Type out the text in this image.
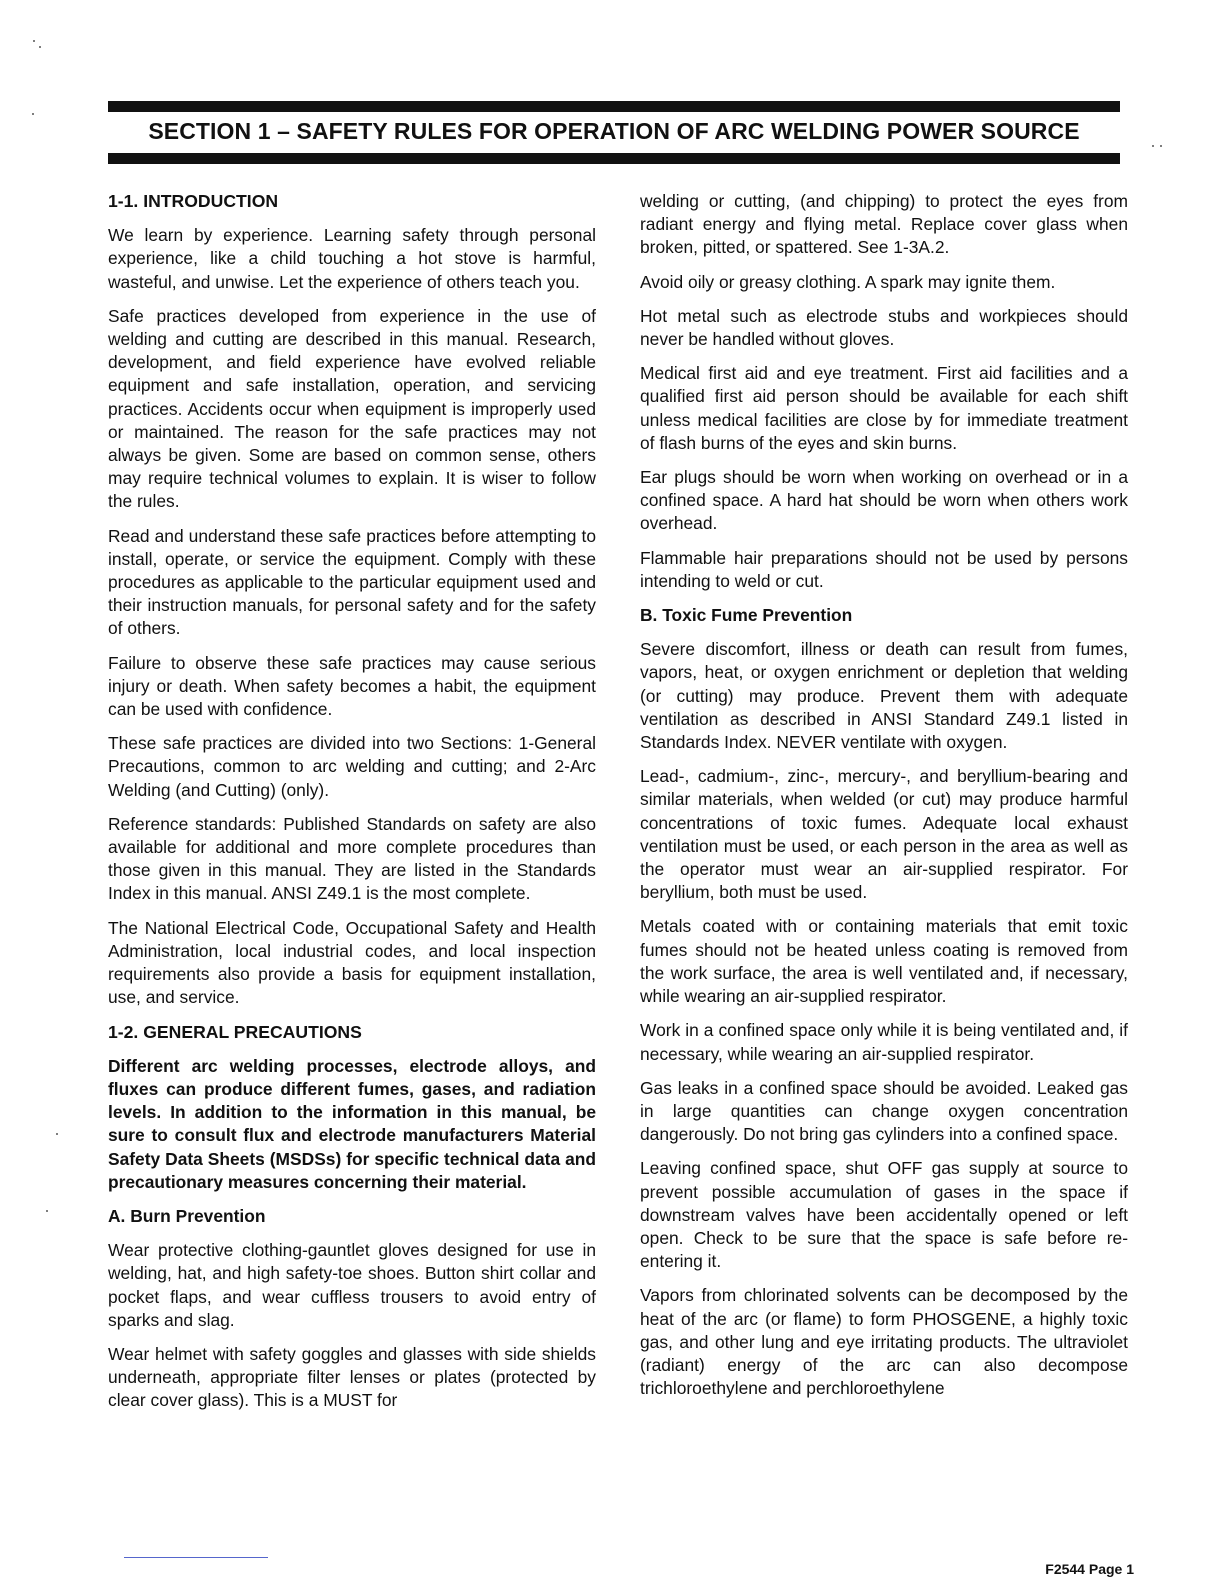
SECTION 1 – SAFETY RULES FOR OPERATION OF ARC WELDING POWER SOURCE
1-1. INTRODUCTION

We learn by experience. Learning safety through personal experience, like a child touching a hot stove is harmful, wasteful, and unwise. Let the experience of others teach you.

Safe practices developed from experience in the use of welding and cutting are described in this manual. Research, development, and field experience have evolved reliable equipment and safe installation, operation, and servicing practices. Accidents occur when equipment is improperly used or maintained. The reason for the safe practices may not always be given. Some are based on common sense, others may require technical volumes to explain. It is wiser to follow the rules.

Read and understand these safe practices before attempting to install, operate, or service the equipment. Comply with these procedures as applicable to the particular equipment used and their instruction manuals, for personal safety and for the safety of others.

Failure to observe these safe practices may cause serious injury or death. When safety becomes a habit, the equipment can be used with confidence.

These safe practices are divided into two Sections: 1-General Precautions, common to arc welding and cutting; and 2-Arc Welding (and Cutting) (only).

Reference standards: Published Standards on safety are also available for additional and more complete procedures than those given in this manual. They are listed in the Standards Index in this manual. ANSI Z49.1 is the most complete.

The National Electrical Code, Occupational Safety and Health Administration, local industrial codes, and local inspection requirements also provide a basis for equipment installation, use, and service.

1-2. GENERAL PRECAUTIONS

Different arc welding processes, electrode alloys, and fluxes can produce different fumes, gases, and radiation levels. In addition to the information in this manual, be sure to consult flux and electrode manufacturers Material Safety Data Sheets (MSDSs) for specific technical data and precautionary measures concerning their material.

A. Burn Prevention

Wear protective clothing-gauntlet gloves designed for use in welding, hat, and high safety-toe shoes. Button shirt collar and pocket flaps, and wear cuffless trousers to avoid entry of sparks and slag.

Wear helmet with safety goggles and glasses with side shields underneath, appropriate filter lenses or plates (protected by clear cover glass). This is a MUST for

welding or cutting, (and chipping) to protect the eyes from radiant energy and flying metal. Replace cover glass when broken, pitted, or spattered. See 1-3A.2.

Avoid oily or greasy clothing. A spark may ignite them.

Hot metal such as electrode stubs and workpieces should never be handled without gloves.

Medical first aid and eye treatment. First aid facilities and a qualified first aid person should be available for each shift unless medical facilities are close by for immediate treatment of flash burns of the eyes and skin burns.

Ear plugs should be worn when working on overhead or in a confined space. A hard hat should be worn when others work overhead.

Flammable hair preparations should not be used by persons intending to weld or cut.

B. Toxic Fume Prevention

Severe discomfort, illness or death can result from fumes, vapors, heat, or oxygen enrichment or depletion that welding (or cutting) may produce. Prevent them with adequate ventilation as described in ANSI Standard Z49.1 listed in Standards Index. NEVER ventilate with oxygen.

Lead-, cadmium-, zinc-, mercury-, and beryllium-bearing and similar materials, when welded (or cut) may produce harmful concentrations of toxic fumes. Adequate local exhaust ventilation must be used, or each person in the area as well as the operator must wear an air-supplied respirator. For beryllium, both must be used.

Metals coated with or containing materials that emit toxic fumes should not be heated unless coating is removed from the work surface, the area is well ventilated and, if necessary, while wearing an air-supplied respirator.

Work in a confined space only while it is being ventilated and, if necessary, while wearing an air-supplied respirator.

Gas leaks in a confined space should be avoided. Leaked gas in large quantities can change oxygen concentration dangerously. Do not bring gas cylinders into a confined space.

Leaving confined space, shut OFF gas supply at source to prevent possible accumulation of gases in the space if downstream valves have been accidentally opened or left open. Check to be sure that the space is safe before re-entering it.

Vapors from chlorinated solvents can be decomposed by the heat of the arc (or flame) to form PHOSGENE, a highly toxic gas, and other lung and eye irritating products. The ultraviolet (radiant) energy of the arc can also decompose trichloroethylene and perchloroethylene

F2544 Page 1
